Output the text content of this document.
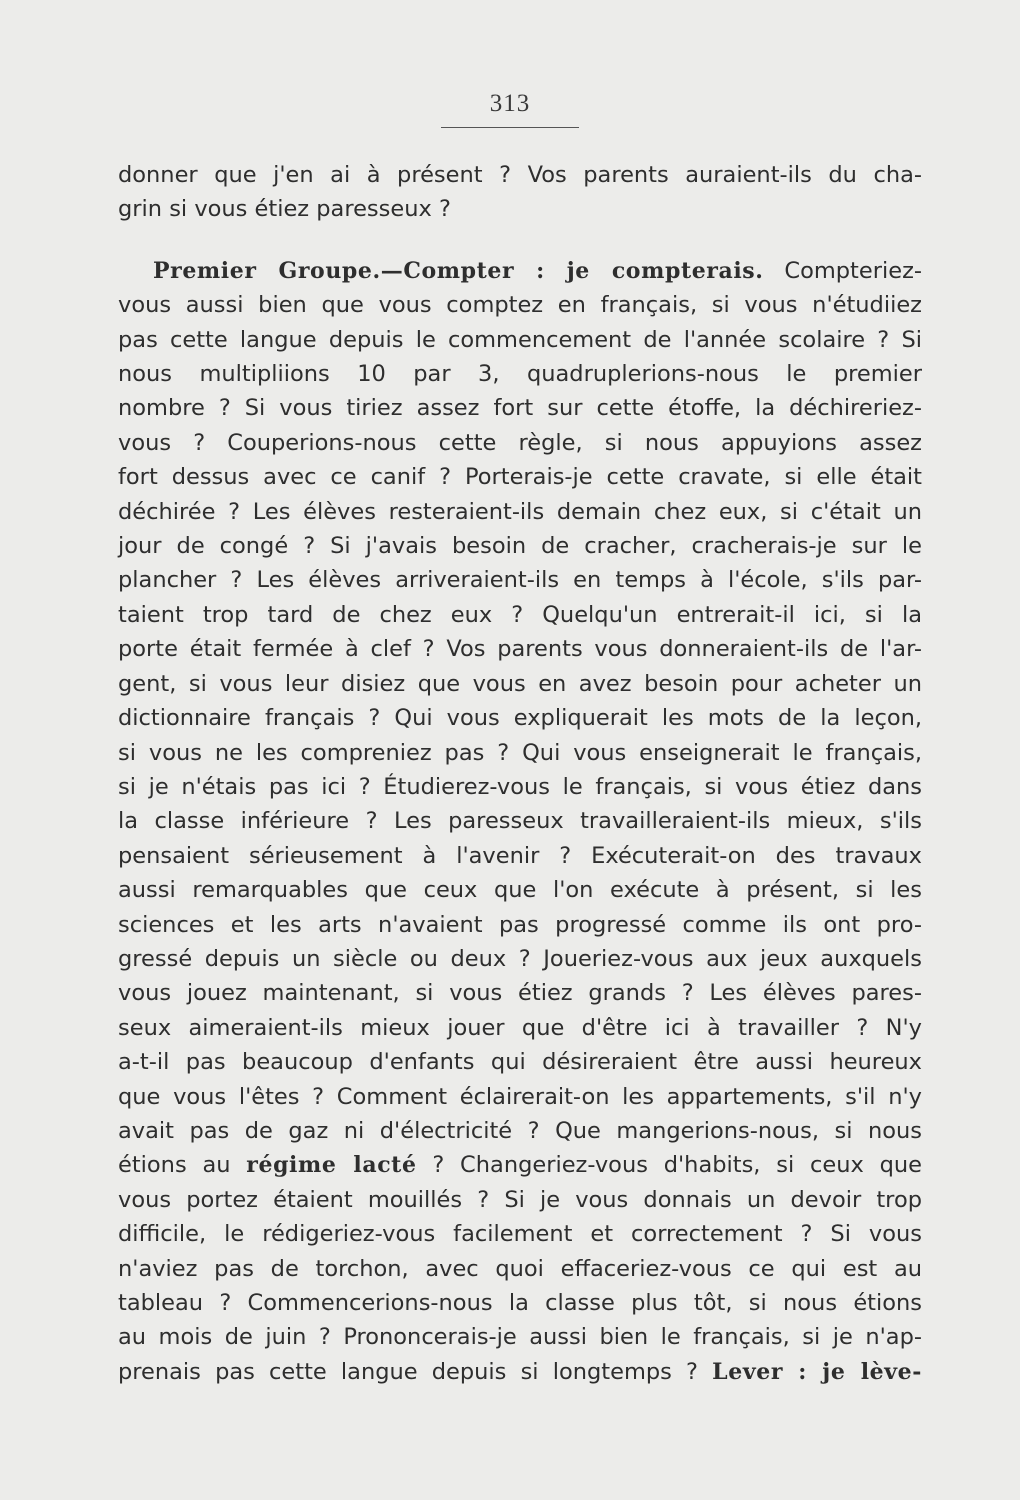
313

donner que j'en ai à présent ? Vos parents auraient-ils du cha-
grin si vous étiez paresseux ?

Premier Groupe.—Compter : je compterais. Compteriez-
vous aussi bien que vous comptez en français, si vous n'étudiiez
pas cette langue depuis le commencement de l'année scolaire ? Si
nous multipliions 10 par 3, quadruplerions-nous le premier
nombre ? Si vous tiriez assez fort sur cette étoffe, la déchireriez-
vous ? Couperions-nous cette règle, si nous appuyions assez
fort dessus avec ce canif ? Porterais-je cette cravate, si elle était
déchirée ? Les élèves resteraient-ils demain chez eux, si c'était un
jour de congé ? Si j'avais besoin de cracher, cracherais-je sur le
plancher ? Les élèves arriveraient-ils en temps à l'école, s'ils par-
taient trop tard de chez eux ? Quelqu'un entrerait-il ici, si la
porte était fermée à clef ? Vos parents vous donneraient-ils de l'ar-
gent, si vous leur disiez que vous en avez besoin pour acheter un
dictionnaire français ? Qui vous expliquerait les mots de la leçon,
si vous ne les compreniez pas ? Qui vous enseignerait le français,
si je n'étais pas ici ? Étudierez-vous le français, si vous étiez dans
la classe inférieure ? Les paresseux travailleraient-ils mieux, s'ils
pensaient sérieusement à l'avenir ? Exécuterait-on des travaux
aussi remarquables que ceux que l'on exécute à présent, si les
sciences et les arts n'avaient pas progressé comme ils ont pro-
gressé depuis un siècle ou deux ? Joueriez-vous aux jeux auxquels
vous jouez maintenant, si vous étiez grands ? Les élèves pares-
seux aimeraient-ils mieux jouer que d'être ici à travailler ? N'y
a-t-il pas beaucoup d'enfants qui désireraient être aussi heureux
que vous l'êtes ? Comment éclairerait-on les appartements, s'il n'y
avait pas de gaz ni d'électricité ? Que mangerions-nous, si nous
étions au régime lacté ? Changeriez-vous d'habits, si ceux que
vous portez étaient mouillés ? Si je vous donnais un devoir trop
difficile, le rédigeriez-vous facilement et correctement ? Si vous
n'aviez pas de torchon, avec quoi effaceriez-vous ce qui est au
tableau ? Commencerions-nous la classe plus tôt, si nous étions
au mois de juin ? Prononcerais-je aussi bien le français, si je n'ap-
prenais pas cette langue depuis si longtemps ? Lever : je lève-
